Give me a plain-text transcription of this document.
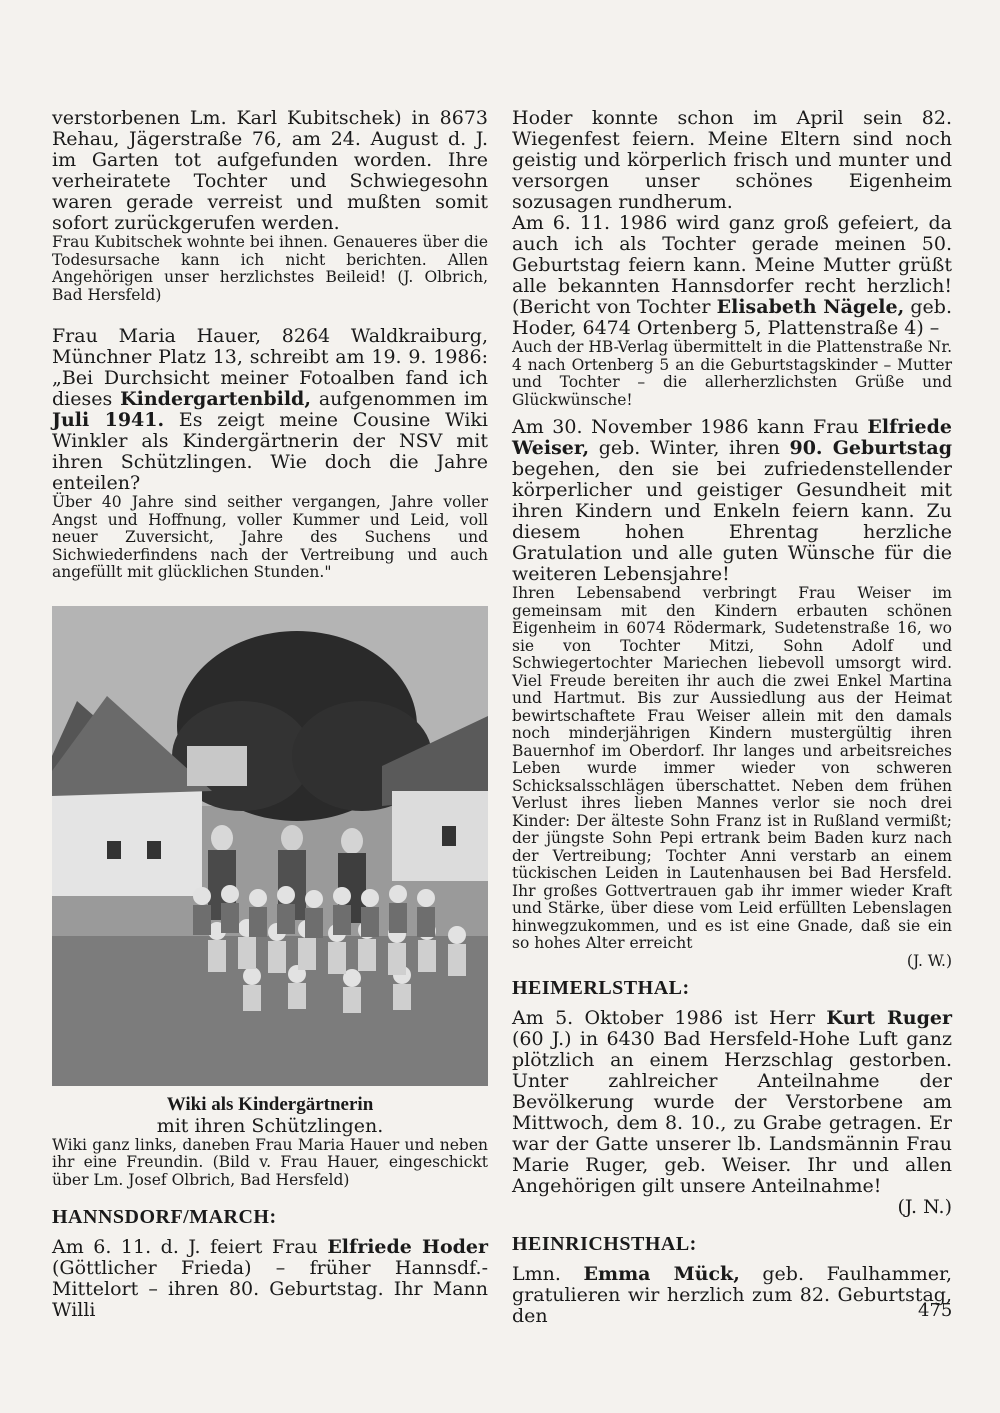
verstorbenen Lm. Karl Kubitschek) in 8673 Rehau, Jägerstraße 76, am 24. August d. J. im Garten tot aufgefunden worden. Ihre verheiratete Tochter und Schwiegesohn waren gerade verreist und mußten somit sofort zurückgerufen werden.

Frau Kubitschek wohnte bei ihnen. Genaueres über die Todesursache kann ich nicht berichten. Allen Angehörigen unser herzlichstes Beileid! (J. Olbrich, Bad Hersfeld)

Frau Maria Hauer, 8264 Waldkraiburg, Münchner Platz 13, schreibt am 19. 9. 1986: „Bei Durchsicht meiner Fotoalben fand ich dieses Kindergartenbild, aufgenommen im Juli 1941. Es zeigt meine Cousine Wiki Winkler als Kindergärtnerin der NSV mit ihren Schützlingen. Wie doch die Jahre enteilen?

Über 40 Jahre sind seither vergangen, Jahre voller Angst und Hoffnung, voller Kummer und Leid, voll neuer Zuversicht, Jahre des Suchens und Sichwiederfindens nach der Vertreibung und auch angefüllt mit glücklichen Stunden."

Wiki als Kindergärtnerin
mit ihren Schützlingen.

Wiki ganz links, daneben Frau Maria Hauer und neben ihr eine Freundin. (Bild v. Frau Hauer, eingeschickt über Lm. Josef Olbrich, Bad Hersfeld)

HANNSDORF/MARCH:

Am 6. 11. d. J. feiert Frau Elfriede Hoder (Göttlicher Frieda) – früher Hannsdf.-Mittelort – ihren 80. Geburtstag. Ihr Mann Willi

Hoder konnte schon im April sein 82. Wiegenfest feiern. Meine Eltern sind noch geistig und körperlich frisch und munter und versorgen unser schönes Eigenheim sozusagen rundherum.

Am 6. 11. 1986 wird ganz groß gefeiert, da auch ich als Tochter gerade meinen 50. Geburtstag feiern kann. Meine Mutter grüßt alle bekannten Hannsdorfer recht herzlich! (Bericht von Tochter Elisabeth Nägele, geb. Hoder, 6474 Ortenberg 5, Plattenstraße 4) –

Auch der HB-Verlag übermittelt in die Plattenstraße Nr. 4 nach Ortenberg 5 an die Geburtstagskinder – Mutter und Tochter – die allerherzlichsten Grüße und Glückwünsche!

Am 30. November 1986 kann Frau Elfriede Weiser, geb. Winter, ihren 90. Geburtstag begehen, den sie bei zufriedenstellender körperlicher und geistiger Gesundheit mit ihren Kindern und Enkeln feiern kann. Zu diesem hohen Ehrentag herzliche Gratulation und alle guten Wünsche für die weiteren Lebensjahre!

Ihren Lebensabend verbringt Frau Weiser im gemeinsam mit den Kindern erbauten schönen Eigenheim in 6074 Rödermark, Sudetenstraße 16, wo sie von Tochter Mitzi, Sohn Adolf und Schwiegertochter Mariechen liebevoll umsorgt wird. Viel Freude bereiten ihr auch die zwei Enkel Martina und Hartmut. Bis zur Aussiedlung aus der Heimat bewirtschaftete Frau Weiser allein mit den damals noch minderjährigen Kindern mustergültig ihren Bauernhof im Oberdorf. Ihr langes und arbeitsreiches Leben wurde immer wieder von schweren Schicksalsschlägen überschattet. Neben dem frühen Verlust ihres lieben Mannes verlor sie noch drei Kinder: Der älteste Sohn Franz ist in Rußland vermißt; der jüngste Sohn Pepi ertrank beim Baden kurz nach der Vertreibung; Tochter Anni verstarb an einem tückischen Leiden in Lautenhausen bei Bad Hersfeld. Ihr großes Gottvertrauen gab ihr immer wieder Kraft und Stärke, über diese vom Leid erfüllten Lebenslagen hinwegzukommen, und es ist eine Gnade, daß sie ein so hohes Alter erreicht

(J. W.)

HEIMERLSTHAL:

Am 5. Oktober 1986 ist Herr Kurt Ruger (60 J.) in 6430 Bad Hersfeld-Hohe Luft ganz plötzlich an einem Herzschlag gestorben. Unter zahlreicher Anteilnahme der Bevölkerung wurde der Verstorbene am Mittwoch, dem 8. 10., zu Grabe getragen. Er war der Gatte unserer lb. Landsmännin Frau Marie Ruger, geb. Weiser. Ihr und allen Angehörigen gilt unsere Anteilnahme!

(J. N.)

HEINRICHSTHAL:

Lmn. Emma Mück, geb. Faulhammer, gratulieren wir herzlich zum 82. Geburtstag, den	475
